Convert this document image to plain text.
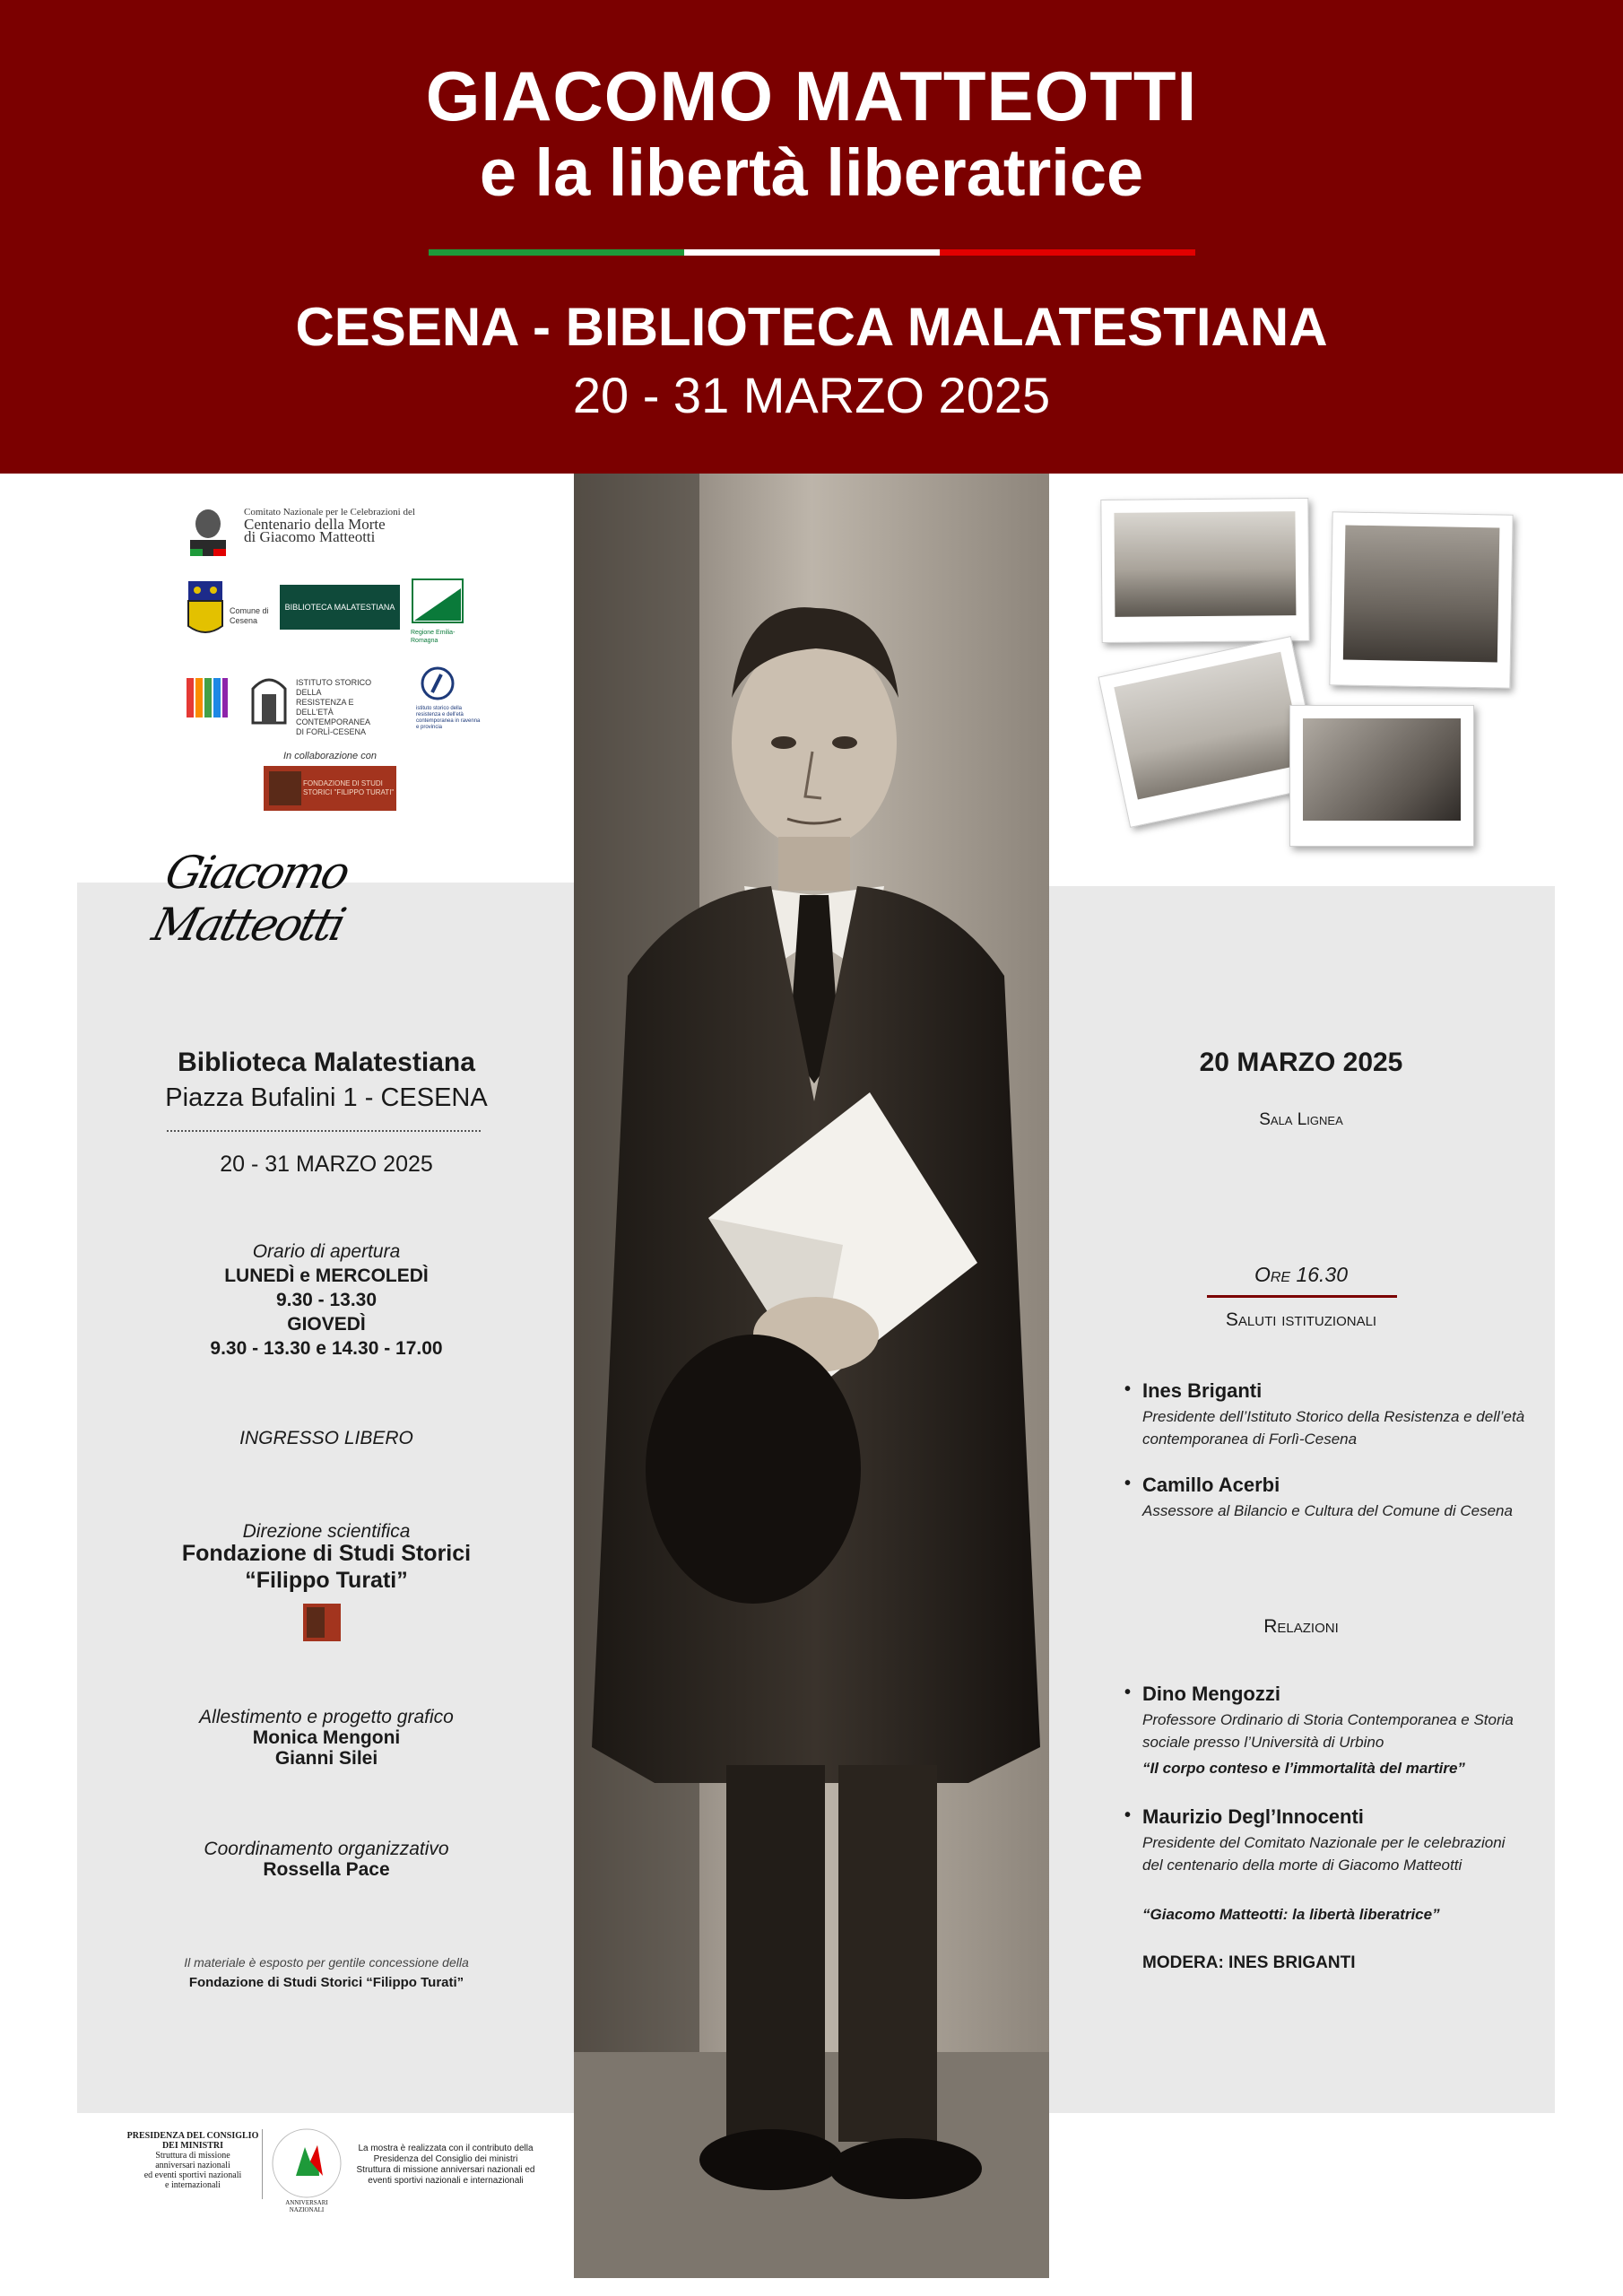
GIACOMO MATTEOTTI
e la libertà liberatrice
CESENA - BIBLIOTECA MALATESTIANA
20 - 31 MARZO 2025
Comitato Nazionale per le Celebrazioni del
Centenario della Morte
di Giacomo Matteotti
Comune di Cesena
BIBLIOTECA MALATESTIANA
Regione Emilia-Romagna
ISTITUTO STORICO DELLA
RESISTENZA E
DELL'ETÀ CONTEMPORANEA
DI FORLÌ-CESENA
istituto storico della resistenza e dell'età contemporanea in ravenna e provincia
In collaborazione con
FONDAZIONE DI STUDI STORICI "FILIPPO TURATI"
Giacomo Matteotti
Biblioteca Malatestiana
Piazza Bufalini 1 - CESENA
20 - 31 MARZO 2025
Orario di apertura
LUNEDÌ e MERCOLEDÌ
9.30 - 13.30
GIOVEDÌ
9.30 - 13.30 e 14.30 - 17.00
INGRESSO LIBERO
Direzione scientifica
Fondazione di Studi Storici
“Filippo Turati”
Allestimento e progetto grafico
Monica Mengoni
Gianni Silei
Coordinamento organizzativo
Rossella Pace
Il materiale è esposto per gentile concessione della
Fondazione di Studi Storici “Filippo Turati”
20 MARZO 2025
Sala Lignea
Ore 16.30
Saluti istituzionali
• Ines Briganti
Presidente dell’Istituto Storico della Resistenza e dell’età contemporanea di Forlì-Cesena
• Camillo Acerbi
Assessore al Bilancio e Cultura del Comune di Cesena
Relazioni
• Dino Mengozzi
Professore Ordinario di Storia Contemporanea e Storia sociale presso l’Università di Urbino
“Il corpo conteso e l’immortalità del martire”
• Maurizio Degl’Innocenti
Presidente del Comitato Nazionale per le celebrazioni del centenario della morte di Giacomo Matteotti
“Giacomo Matteotti: la libertà liberatrice”
MODERA: INES BRIGANTI
PRESIDENZA DEL CONSIGLIO
DEI MINISTRI
Struttura di missione
anniversari nazionali
ed eventi sportivi nazionali
e internazionali
ANNIVERSARI NAZIONALI
La mostra è realizzata con il contributo della
Presidenza del Consiglio dei ministri
Struttura di missione anniversari nazionali ed
eventi sportivi nazionali e internazionali
